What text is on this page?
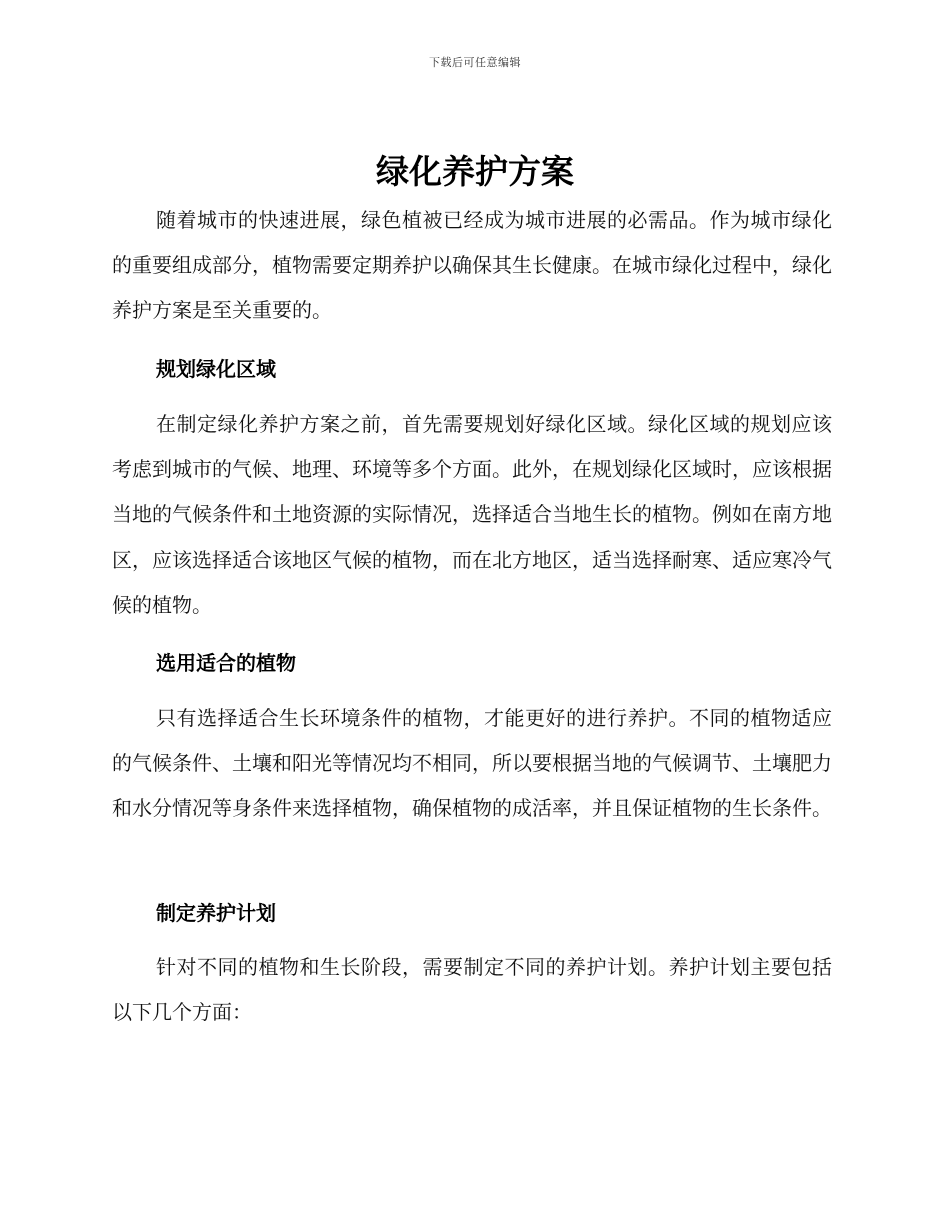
下载后可任意编辑
绿化养护方案

随着城市的快速进展，绿色植被已经成为城市进展的必需品。作为城市绿化的重要组成部分，植物需要定期养护以确保其生长健康。在城市绿化过程中，绿化养护方案是至关重要的。

规划绿化区域

在制定绿化养护方案之前，首先需要规划好绿化区域。绿化区域的规划应该考虑到城市的气候、地理、环境等多个方面。此外，在规划绿化区域时，应该根据当地的气候条件和土地资源的实际情况，选择适合当地生长的植物。例如在南方地区，应该选择适合该地区气候的植物，而在北方地区，适当选择耐寒、适应寒冷气候的植物。

选用适合的植物

只有选择适合生长环境条件的植物，才能更好的进行养护。不同的植物适应的气候条件、土壤和阳光等情况均不相同，所以要根据当地的气候调节、土壤肥力和水分情况等身条件来选择植物，确保植物的成活率，并且保证植物的生长条件。

制定养护计划

针对不同的植物和生长阶段，需要制定不同的养护计划。养护计划主要包括以下几个方面：
